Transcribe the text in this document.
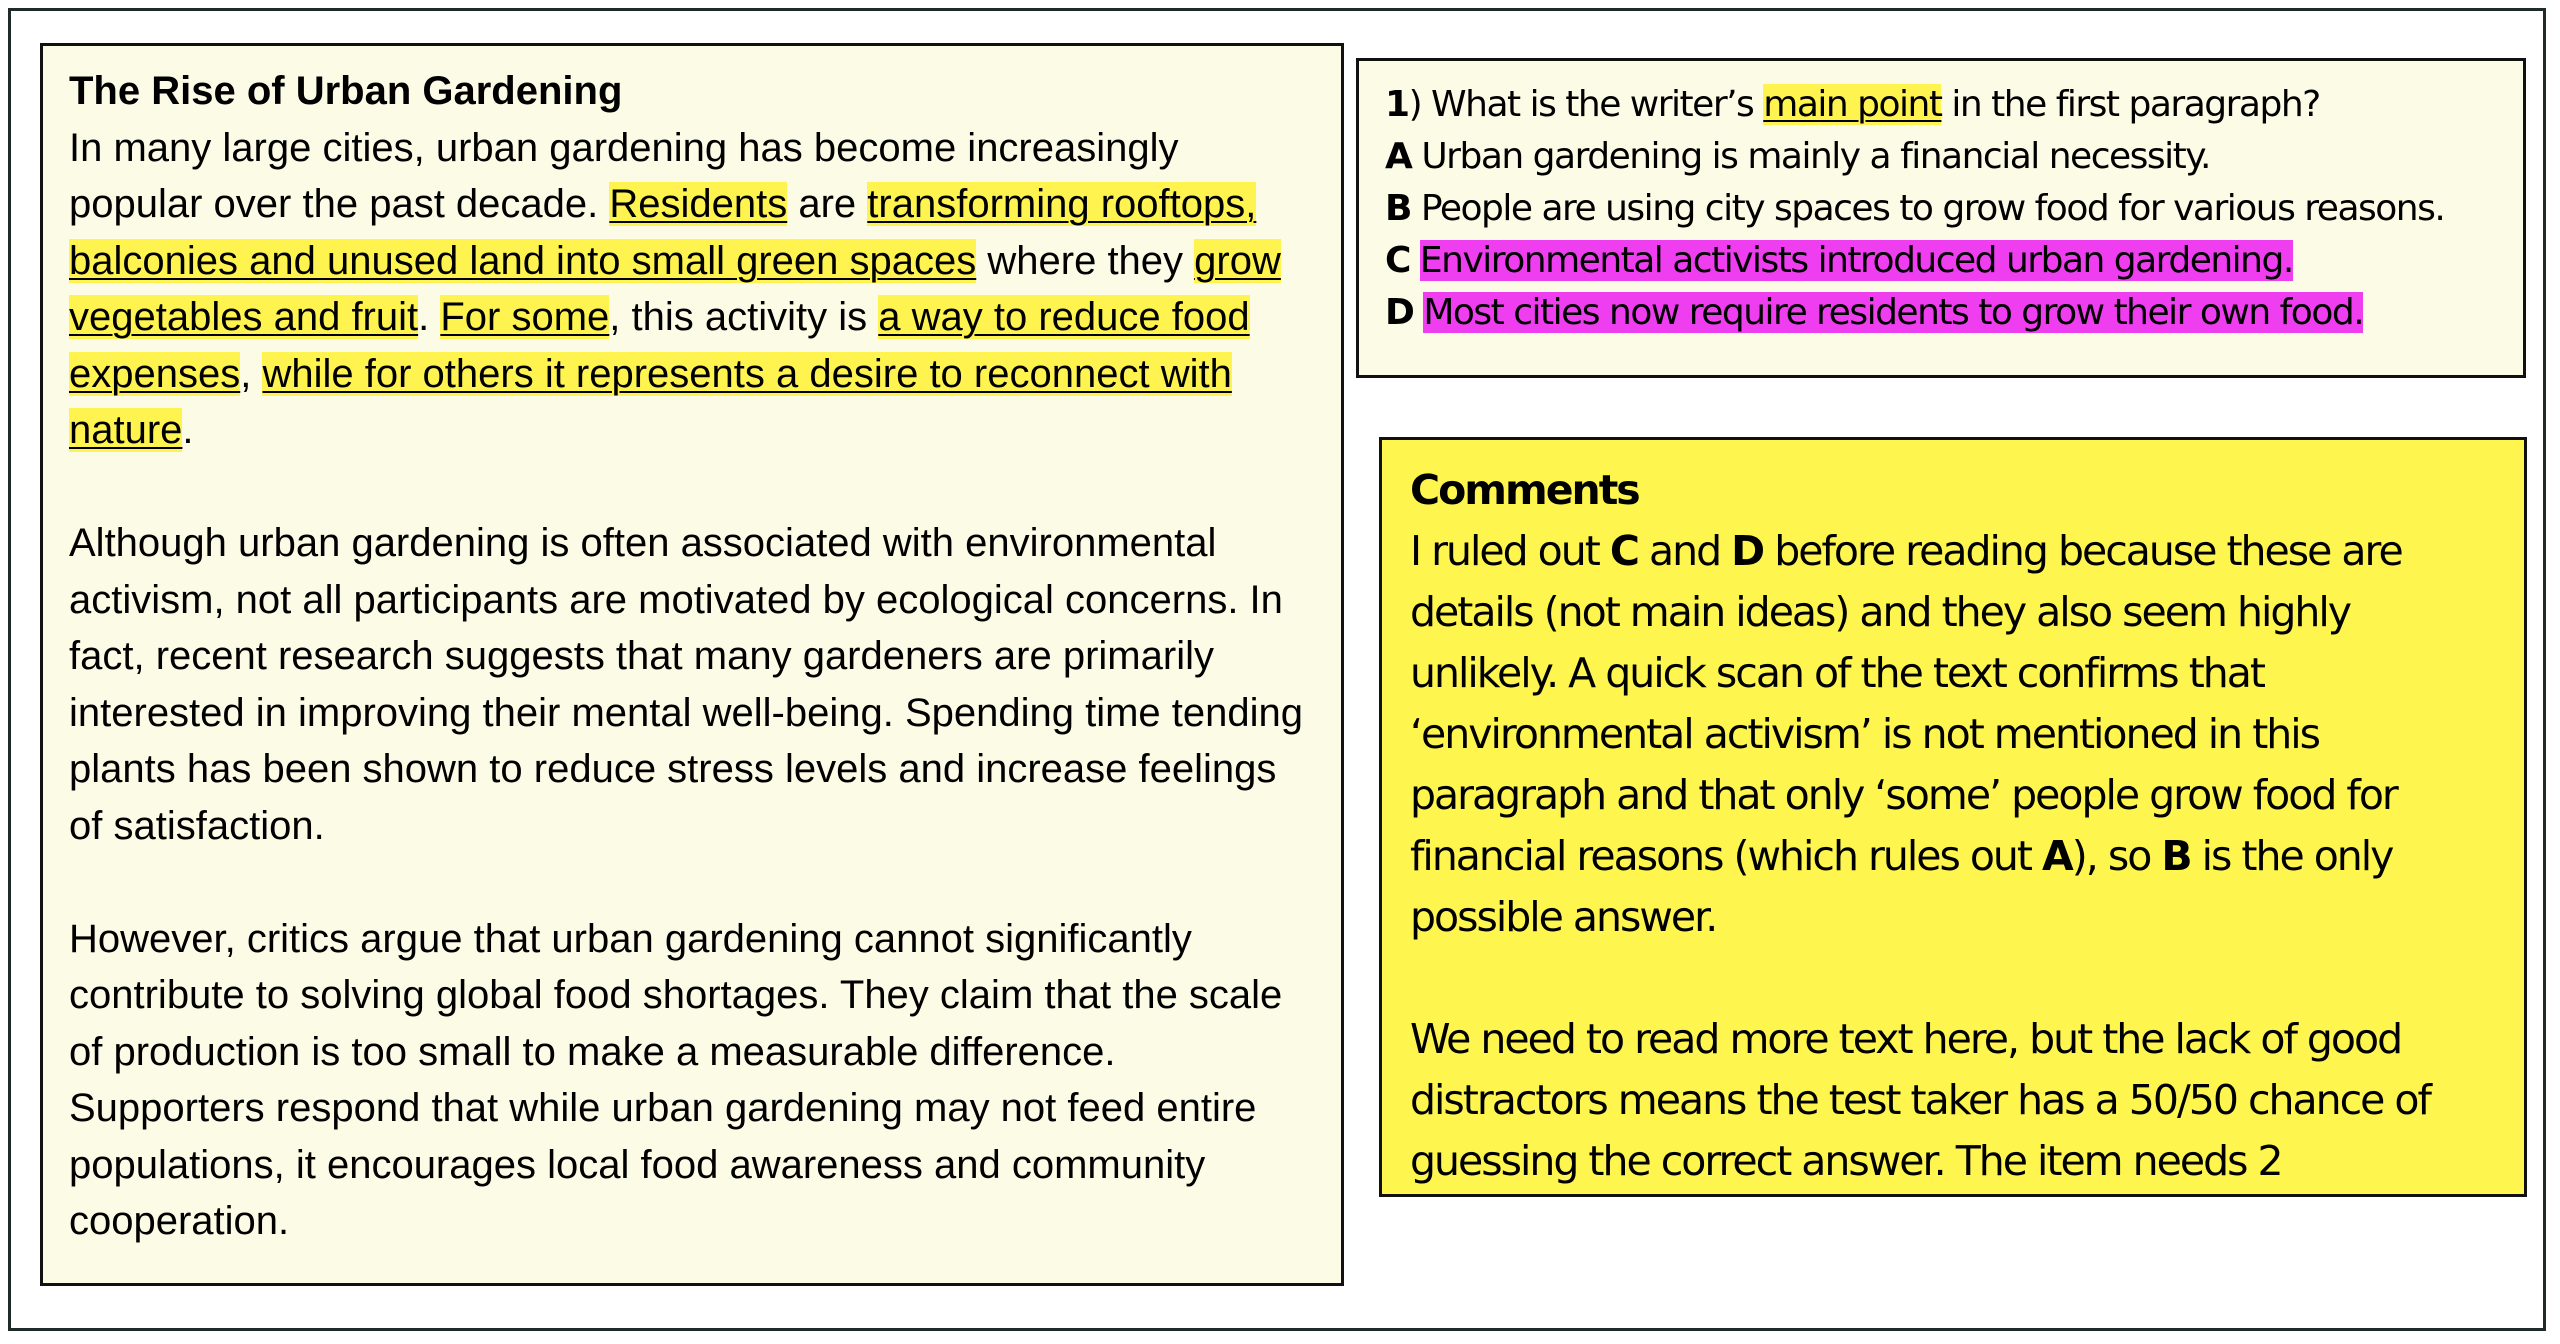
The Rise of Urban Gardening

In many large cities, urban gardening has become increasingly popular over the past decade. Residents are transforming rooftops, balconies and unused land into small green spaces where they grow vegetables and fruit. For some, this activity is a way to reduce food expenses, while for others it represents a desire to reconnect with nature.

Although urban gardening is often associated with environmental activism, not all participants are motivated by ecological concerns. In fact, recent research suggests that many gardeners are primarily interested in improving their mental well-being. Spending time tending plants has been shown to reduce stress levels and increase feelings of satisfaction.

However, critics argue that urban gardening cannot significantly contribute to solving global food shortages. They claim that the scale of production is too small to make a measurable difference. Supporters respond that while urban gardening may not feed entire populations, it encourages local food awareness and community cooperation.

1) What is the writer’s main point in the first paragraph?
A Urban gardening is mainly a financial necessity.
B People are using city spaces to grow food for various reasons.
C Environmental activists introduced urban gardening.
D Most cities now require residents to grow their own food.
Comments

I ruled out C and D before reading because these are details (not main ideas) and they also seem highly unlikely. A quick scan of the text confirms that ‘environmental activism’ is not mentioned in this paragraph and that only ‘some’ people grow food for financial reasons (which rules out A), so B is the only possible answer.

We need to read more text here, but the lack of good distractors means the test taker has a 50/50 chance of guessing the correct answer. The item needs 2
